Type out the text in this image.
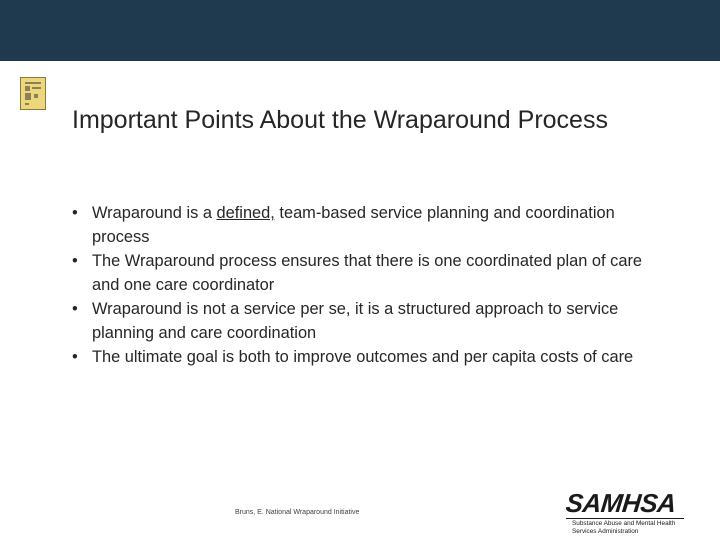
Important Points About the Wraparound Process
• Wraparound is a defined, team-based service planning and coordination process
• The Wraparound process ensures that there is one coordinated plan of care and one care coordinator
• Wraparound is not a service per se, it is a structured approach to service planning and care coordination
• The ultimate goal is both to improve outcomes and per capita costs of care
Bruns, E. National Wraparound Initiative	SAMHSA
Substance Abuse and Mental Health
Services Administration
